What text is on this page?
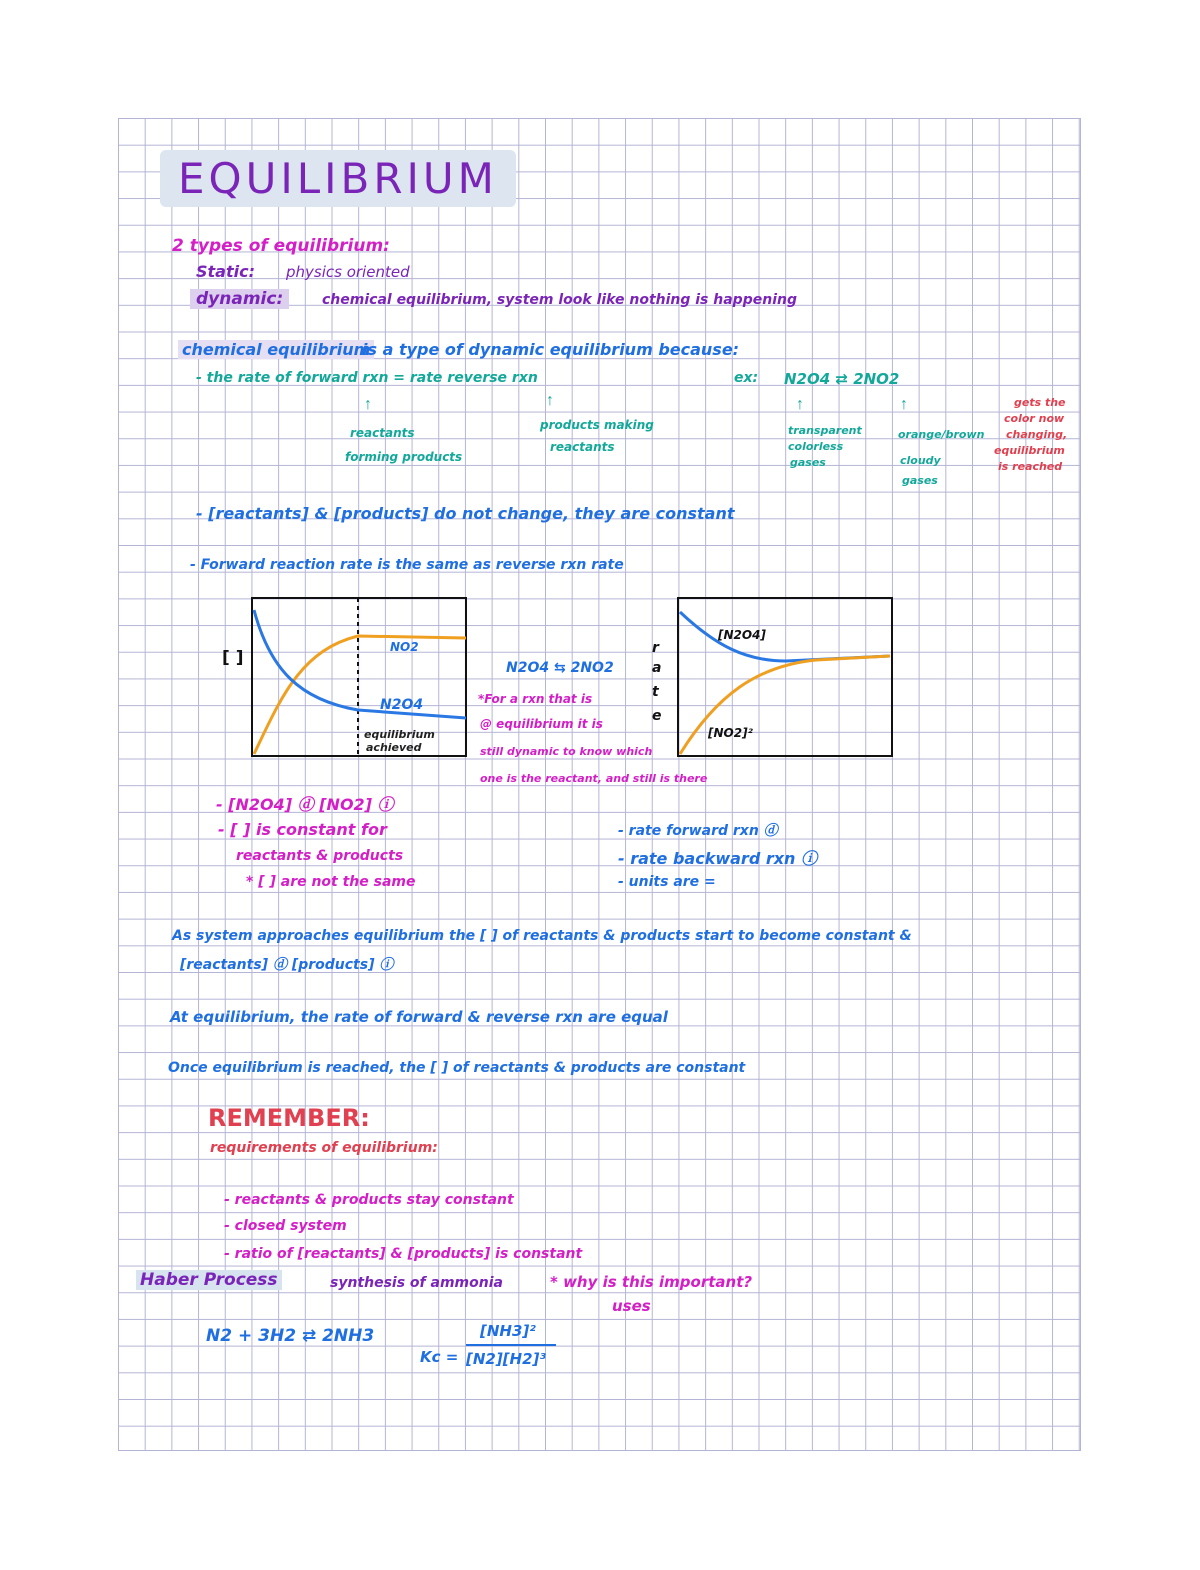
EQUILIBRIUM
2 types of equilibrium:
Static: physics oriented
dynamic:	chemical equilibrium, system look like nothing is happening
chemical equilibrium
is a type of dynamic equilibrium because:
- the rate of forward rxn = rate reverse rxn	ex: N2O4 ⇄ 2NO2
↑	↑	↑	↑
reactants
forming products
products making
reactants
transparent
colorless
gases
orange/brown
cloudy
gases
gets the
color now
changing,
equilibrium
is reached
- [reactants] & [products] do not change, they are constant
- Forward reaction rate is the same as reverse rxn rate
[ ]
NO2
N2O4
equilibrium
achieved
N2O4 ⇆ 2NO2
*For a rxn that is
@ equilibrium it is
still dynamic to know which
one is the reactant, and still is there
r
a
t
e
[N2O4]
[NO2]²
- [N2O4] ⓓ [NO2] ⓘ
- [ ] is constant for
reactants & products
* [ ] are not the same
- rate forward rxn ⓓ
- rate backward rxn ⓘ
- units are =
As system approaches equilibrium the [ ] of reactants & products start to become constant &
[reactants] ⓓ [products] ⓘ
At equilibrium, the rate of forward & reverse rxn are equal
Once equilibrium is reached, the [ ] of reactants & products are constant
REMEMBER:
requirements of equilibrium:
- reactants & products stay constant
- closed system
- ratio of [reactants] & [products] is constant
Haber Process	synthesis of ammonia	* why is this important?
uses
N2 + 3H2 ⇄ 2NH3
Kc =
[NH3]²
[N2][H2]³
